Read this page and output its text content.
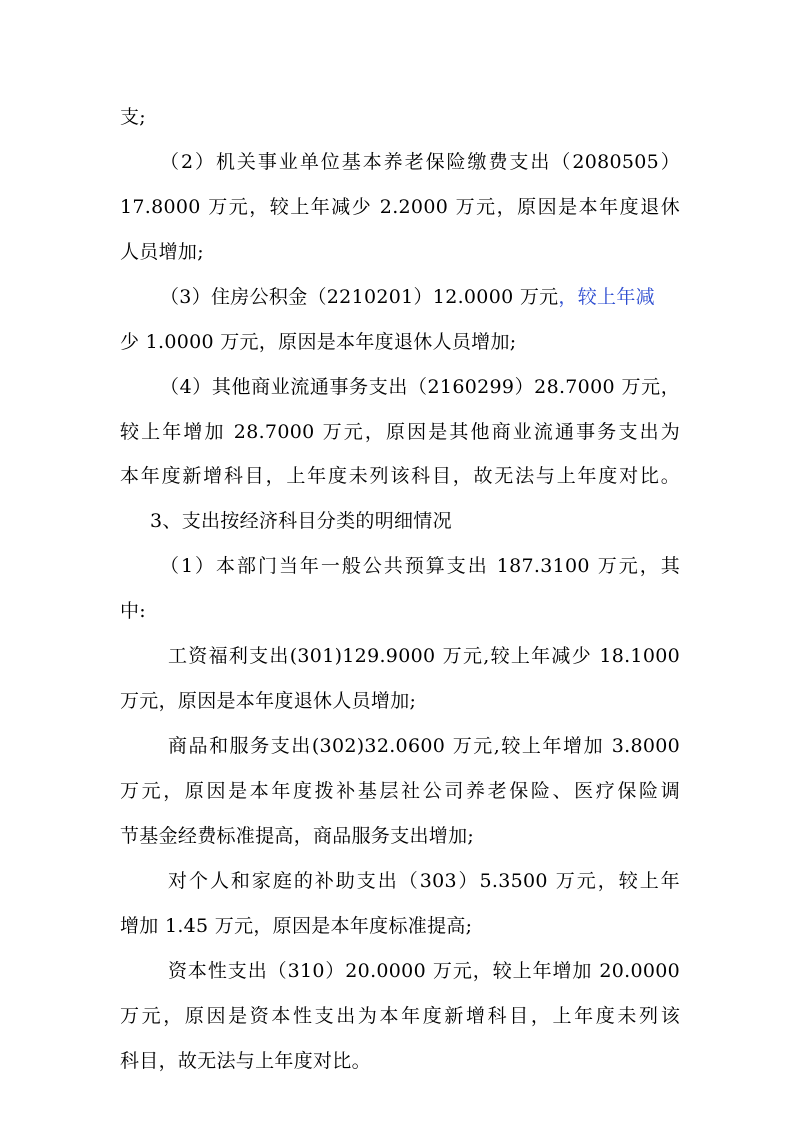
支;
（2）机关事业单位基本养老保险缴费支出（2080505）
17.8000 万元，较上年减少 2.2000 万元，原因是本年度退休
人员增加;
（3）住房公积金（2210201）12.0000 万元，较上年减
少 1.0000 万元，原因是本年度退休人员增加;
（4）其他商业流通事务支出（2160299）28.7000 万元，
较上年增加 28.7000 万元，原因是其他商业流通事务支出为
本年度新增科目，上年度未列该科目，故无法与上年度对比。
3、支出按经济科目分类的明细情况
（1）本部门当年一般公共预算支出 187.3100 万元，其
中:
工资福利支出(301)129.9000 万元,较上年减少 18.1000
万元，原因是本年度退休人员增加;
商品和服务支出(302)32.0600 万元,较上年增加 3.8000
万元，原因是本年度拨补基层社公司养老保险、医疗保险调
节基金经费标准提高，商品服务支出增加;
对个人和家庭的补助支出（303）5.3500 万元，较上年
增加 1.45 万元，原因是本年度标准提高;
资本性支出（310）20.0000 万元，较上年增加 20.0000
万元，原因是资本性支出为本年度新增科目，上年度未列该
科目，故无法与上年度对比。
